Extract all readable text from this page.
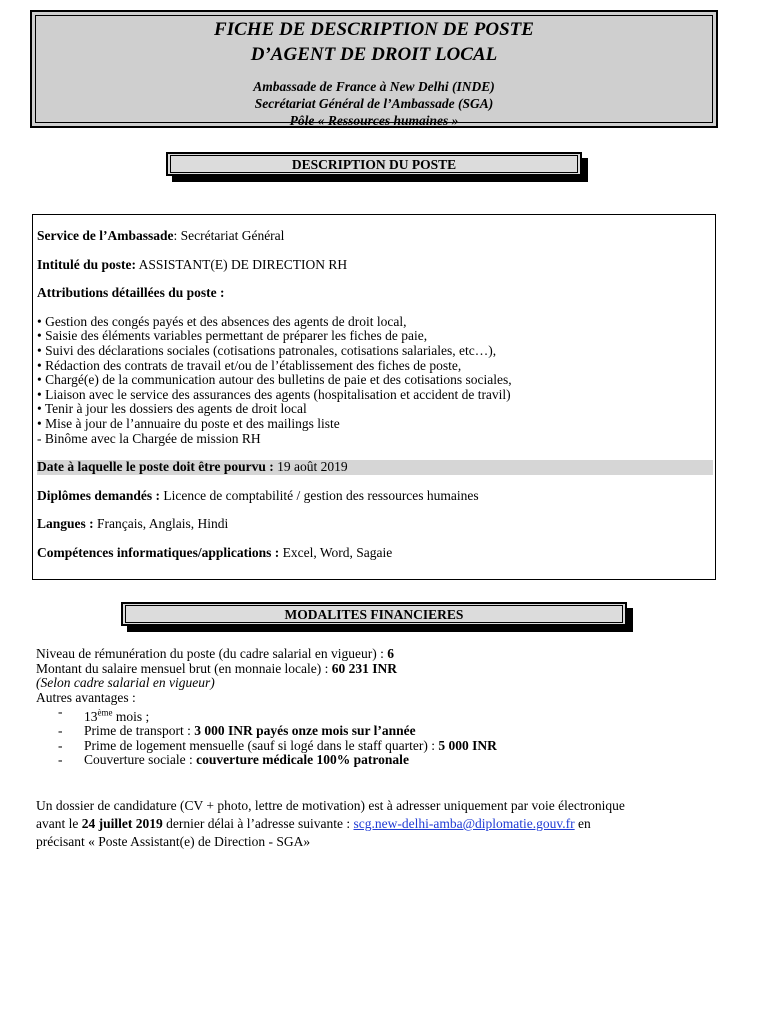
FICHE DE DESCRIPTION DE POSTE
D’AGENT DE DROIT LOCAL
Ambassade de France à New Delhi (INDE)
Secrétariat Général de l’Ambassade (SGA)
Pôle « Ressources humaines »
DESCRIPTION DU POSTE

Service de l’Ambassade: Secrétariat Général

Intitulé du poste: ASSISTANT(E) DE DIRECTION RH

Attributions détaillées du poste :

• Gestion des congés payés et des absences des agents de droit local,

• Saisie des éléments variables permettant de préparer les fiches de paie,

• Suivi des déclarations sociales (cotisations patronales, cotisations salariales, etc…),

• Rédaction des contrats de travail et/ou de l’établissement des fiches de poste,

• Chargé(e) de la communication autour des bulletins de paie et des cotisations sociales,

• Liaison avec le service des assurances des agents (hospitalisation et accident de travil)

• Tenir à jour les dossiers des agents de droit local

• Mise à jour de l’annuaire du poste et des mailings liste

- Binôme avec la Chargée de mission RH

Date à laquelle le poste doit être pourvu : 19 août 2019

Diplômes demandés : Licence de comptabilité / gestion des ressources humaines

Langues : Français, Anglais, Hindi

Compétences informatiques/applications : Excel, Word, Sagaie

MODALITES FINANCIERES

Niveau de rémunération du poste (du cadre salarial en vigueur) : 6

Montant du salaire mensuel brut (en monnaie locale) : 60 231 INR

(Selon cadre salarial en vigueur)

Autres avantages :

-	13ème mois ;
-	Prime de transport : 3 000 INR payés onze mois sur l’année
-	Prime de logement mensuelle (sauf si logé dans le staff quarter) : 5 000 INR
-	Couverture sociale : couverture médicale 100% patronale

Un dossier de candidature (CV + photo, lettre de motivation) est à adresser uniquement par voie électronique

avant le 24 juillet 2019 dernier délai à l’adresse suivante : scg.new-delhi-amba@diplomatie.gouv.fr en

précisant « Poste Assistant(e) de Direction - SGA»
